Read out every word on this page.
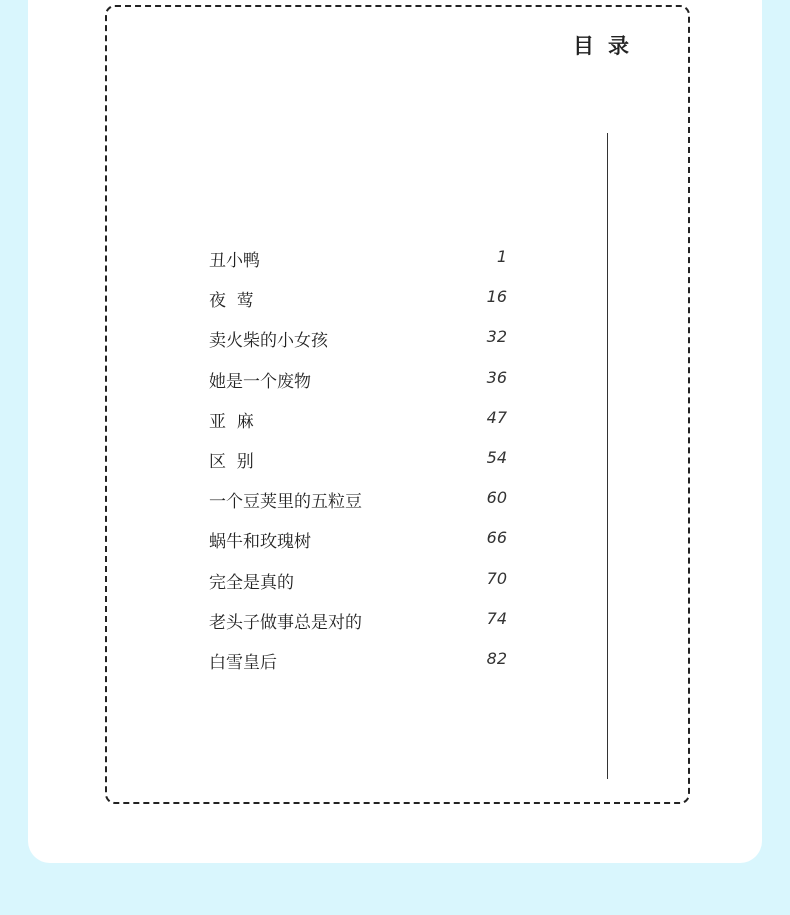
目录
丑小鸭	1
夜  莺	16
卖火柴的小女孩	32
她是一个废物	36
亚  麻	47
区  别	54
一个豆荚里的五粒豆	60
蜗牛和玫瑰树	66
完全是真的	70
老头子做事总是对的	74
白雪皇后	82
